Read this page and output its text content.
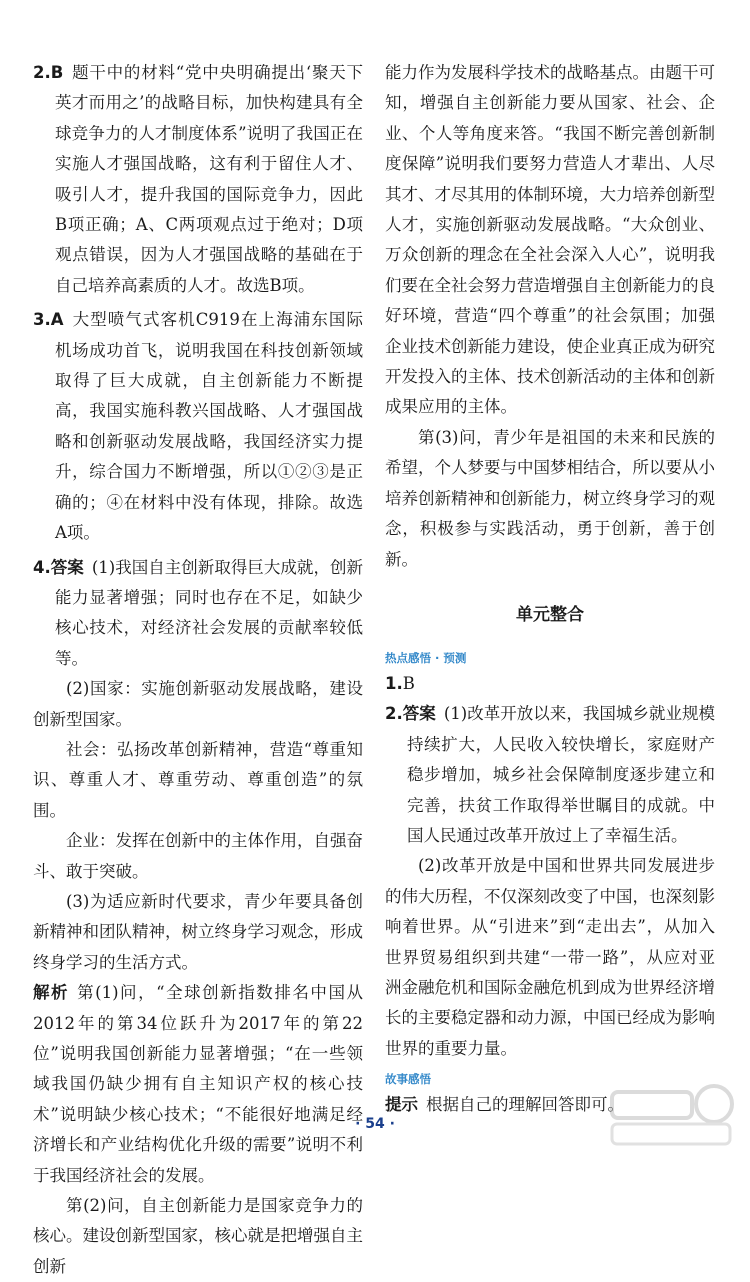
2.B 题干中的材料“党中央明确提出‘聚天下英才而用之’的战略目标，加快构建具有全球竞争力的人才制度体系”说明了我国正在实施人才强国战略，这有利于留住人才、吸引人才，提升我国的国际竞争力，因此B项正确；A、C两项观点过于绝对；D项观点错误，因为人才强国战略的基础在于自己培养高素质的人才。故选B项。

3.A 大型喷气式客机C919在上海浦东国际机场成功首飞，说明我国在科技创新领域取得了巨大成就，自主创新能力不断提高，我国实施科教兴国战略、人才强国战略和创新驱动发展战略，我国经济实力提升，综合国力不断增强，所以①②③是正确的；④在材料中没有体现，排除。故选A项。

4.答案 (1)我国自主创新取得巨大成就，创新能力显著增强；同时也存在不足，如缺少核心技术，对经济社会发展的贡献率较低等。

(2)国家：实施创新驱动发展战略，建设创新型国家。

社会：弘扬改革创新精神，营造“尊重知识、尊重人才、尊重劳动、尊重创造”的氛围。

企业：发挥在创新中的主体作用，自强奋斗、敢于突破。

(3)为适应新时代要求，青少年要具备创新精神和团队精神，树立终身学习观念，形成终身学习的生活方式。

解析 第(1)问，“全球创新指数排名中国从2012年的第34位跃升为2017年的第22位”说明我国创新能力显著增强；“在一些领域我国仍缺少拥有自主知识产权的核心技术”说明缺少核心技术；“不能很好地满足经济增长和产业结构优化升级的需要”说明不利于我国经济社会的发展。

第(2)问，自主创新能力是国家竞争力的核心。建设创新型国家，核心就是把增强自主创新

能力作为发展科学技术的战略基点。由题干可知，增强自主创新能力要从国家、社会、企业、个人等角度来答。“我国不断完善创新制度保障”说明我们要努力营造人才辈出、人尽其才、才尽其用的体制环境，大力培养创新型人才，实施创新驱动发展战略。“大众创业、万众创新的理念在全社会深入人心”，说明我们要在全社会努力营造增强自主创新能力的良好环境，营造“四个尊重”的社会氛围；加强企业技术创新能力建设，使企业真正成为研究开发投入的主体、技术创新活动的主体和创新成果应用的主体。

第(3)问，青少年是祖国的未来和民族的希望，个人梦要与中国梦相结合，所以要从小培养创新精神和创新能力，树立终身学习的观念，积极参与实践活动，勇于创新，善于创新。

单元整合
热点感悟 · 预测

1.B

2.答案 (1)改革开放以来，我国城乡就业规模持续扩大，人民收入较快增长，家庭财产稳步增加，城乡社会保障制度逐步建立和完善，扶贫工作取得举世瞩目的成就。中国人民通过改革开放过上了幸福生活。

(2)改革开放是中国和世界共同发展进步的伟大历程，不仅深刻改变了中国，也深刻影响着世界。从“引进来”到“走出去”，从加入世界贸易组织到共建“一带一路”，从应对亚洲金融危机和国际金融危机到成为世界经济增长的主要稳定器和动力源，中国已经成为影响世界的重要力量。

故事感悟

提示 根据自己的理解回答即可。

· 54 ·
